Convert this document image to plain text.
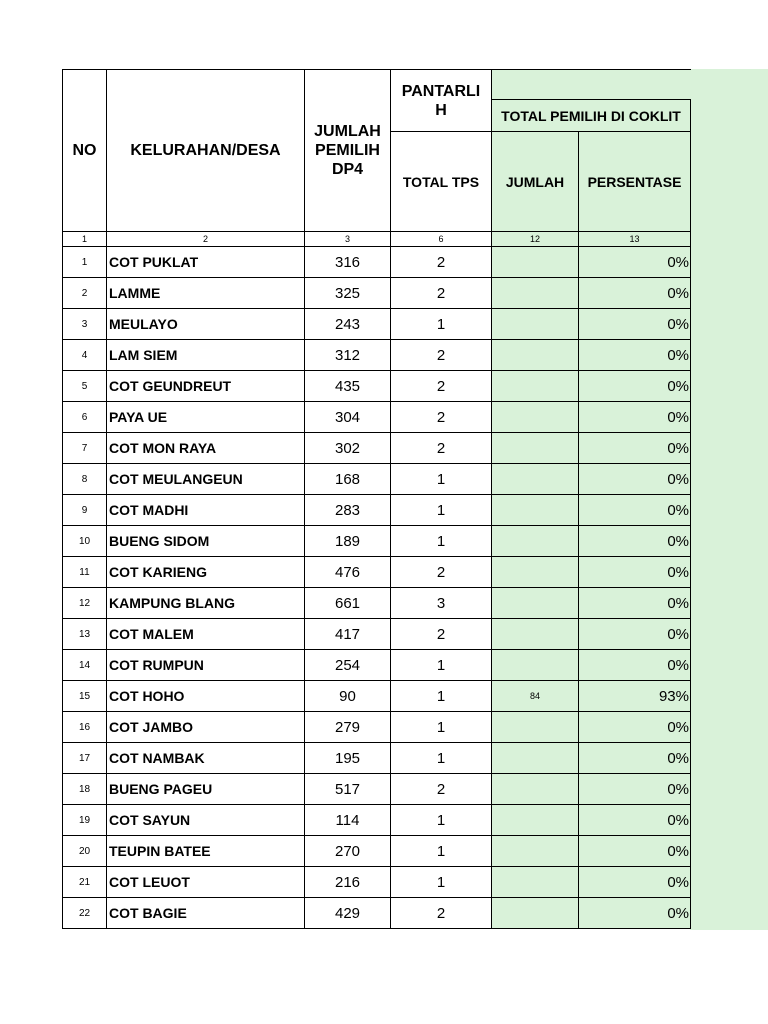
NO	KELURAHAN/DESA	JUMLAH PEMILIH DP4	PANTARLI H		
				TOTAL PEMILIH DI COKLIT	
			TOTAL TPS	JUMLAH	PERSENTASE
1	2	3	6	12	13
1	COT PUKLAT	316	2		0%
2	LAMME	325	2		0%
3	MEULAYO	243	1		0%
4	LAM SIEM	312	2		0%
5	COT GEUNDREUT	435	2		0%
6	PAYA UE	304	2		0%
7	COT MON RAYA	302	2		0%
8	COT MEULANGEUN	168	1		0%
9	COT MADHI	283	1		0%
10	BUENG SIDOM	189	1		0%
11	COT KARIENG	476	2		0%
12	KAMPUNG BLANG	661	3		0%
13	COT MALEM	417	2		0%
14	COT RUMPUN	254	1		0%
15	COT HOHO	90	1	84	93%
16	COT JAMBO	279	1		0%
17	COT NAMBAK	195	1		0%
18	BUENG PAGEU	517	2		0%
19	COT SAYUN	114	1		0%
20	TEUPIN BATEE	270	1		0%
21	COT LEUOT	216	1		0%
22	COT BAGIE	429	2		0%
